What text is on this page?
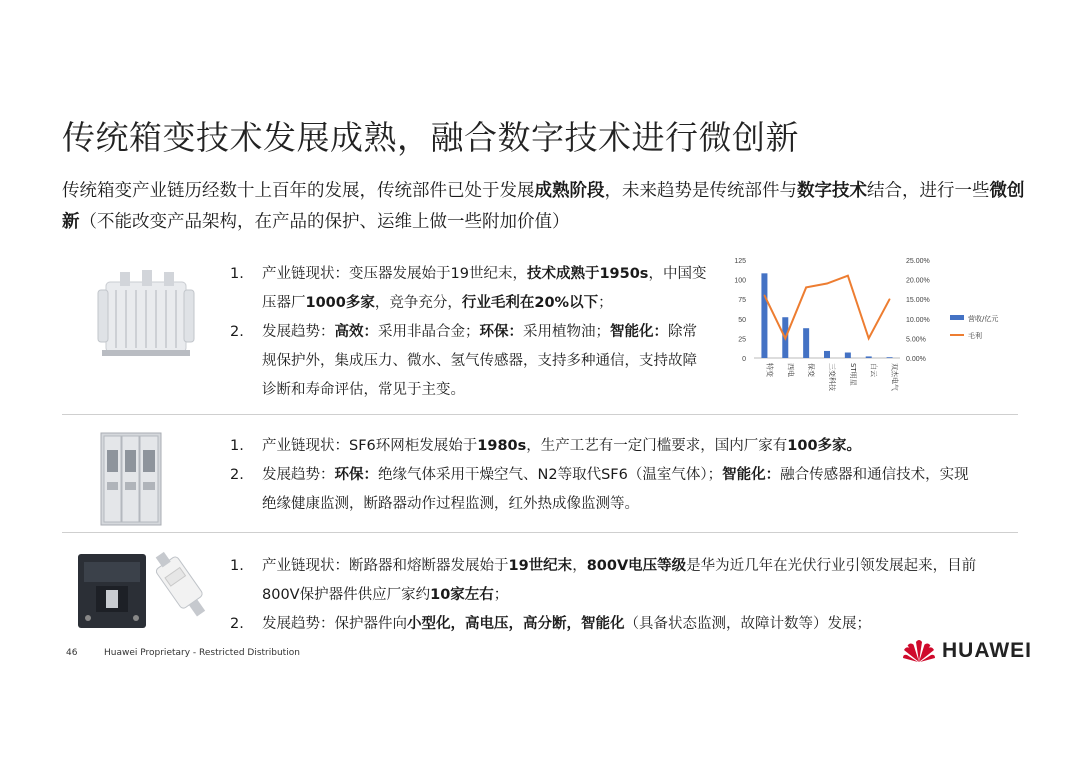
传统箱变技术发展成熟，融合数字技术进行微创新
传统箱变产业链历经数十上百年的发展，传统部件已处于发展成熟阶段，未来趋势是传统部件与数字技术结合，进行一些微创新（不能改变产品架构，在产品的保护、运维上做一些附加价值）
1.	产业链现状：变压器发展始于19世纪末，技术成熟于1950s，中国变压器厂1000多家，竞争充分，行业毛利在20%以下；
2.	发展趋势：高效：采用非晶合金；环保：采用植物油；智能化：除常规保护外，集成压力、微水、氢气传感器，支持多种通信，支持故障诊断和寿命评估，常见于主变。
125
100
75
50
25
0
25.00%
20.00%
15.00%
10.00%
5.00%
0.00%
特变 西电 保变 三变科技 ST明星 白云 双杰电气
营收/亿元
毛利
1.	产业链现状：SF6环网柜发展始于1980s，生产工艺有一定门槛要求，国内厂家有100多家。
2.	发展趋势：环保：绝缘气体采用干燥空气、N2等取代SF6（温室气体）；智能化：融合传感器和通信技术，实现绝缘健康监测，断路器动作过程监测，红外热成像监测等。
1.	产业链现状：断路器和熔断器发展始于19世纪末，800V电压等级是华为近几年在光伏行业引领发展起来，目前800V保护器件供应厂家约10家左右；
2.	发展趋势：保护器件向小型化，高电压，高分断，智能化（具备状态监测，故障计数等）发展；
46	Huawei Proprietary - Restricted Distribution	HUAWEI
